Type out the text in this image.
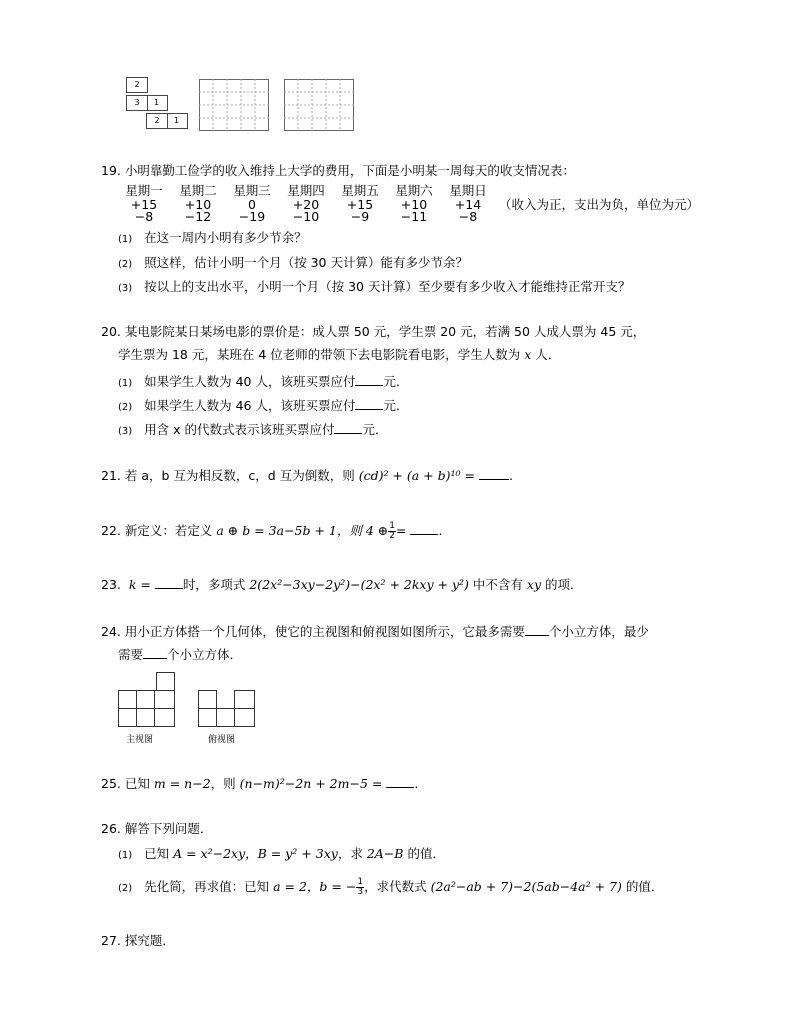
2
3	1
2	1
19. 小明靠勤工俭学的收入维持上大学的费用，下面是小明某一周每天的收支情况表：
星期一 星期二 星期三 星期四 星期五 星期六 星期日
+15 +10	0	+20 +15 +10 +14 （收入为正，支出为负，单位为元）
−8	−12 −19 −10	−9	−11	−8
(1) 在这一周内小明有多少节余？
(2) 照这样，估计小明一个月（按 30 天计算）能有多少节余？
(3) 按以上的支出水平，小明一个月（按 30 天计算）至少要有多少收入才能维持正常开支？
20. 某电影院某日某场电影的票价是：成人票 50 元，学生票 20 元，若满 50 人成人票为 45 元，
学生票为 18 元，某班在 4 位老师的带领下去电影院看电影，学生人数为 x 人．
(1) 如果学生人数为 40 人，该班买票应付 元．
(2) 如果学生人数为 46 人，该班买票应付 元．
(3) 用含 x 的代数式表示该班买票应付 元．
21. 若 a，b 互为相反数，c，d 互为倒数，则 (cd)² + (a + b)¹⁰ =	.
22. 新定义：若定义 a ⊕ b = 3a−5b + 1，则 4 ⊕ $\frac{1}{2}$ =	.
23. k =	时，多项式 2(2x²−3xy−2y²)−(2x² + 2kxy + y²) 中不含有 xy 的项．
24. 用小正方体搭一个几何体，使它的主视图和俯视图如图所示，它最多需要 个小立方体，最少
需要 个小立方体．
主视图	俯视图
25. 已知 m = n−2，则 (n−m)²−2n + 2m−5 =	.
26. 解答下列问题．
(1) 已知 A = x²−2xy，B = y² + 3xy，求 2A−B 的值．
(2) 先化简，再求值：已知 a = 2，b = − $\frac{1}{3}$ ，求代数式 (2a²−ab + 7)−2(5ab−4a² + 7) 的值．
27. 探究题．
